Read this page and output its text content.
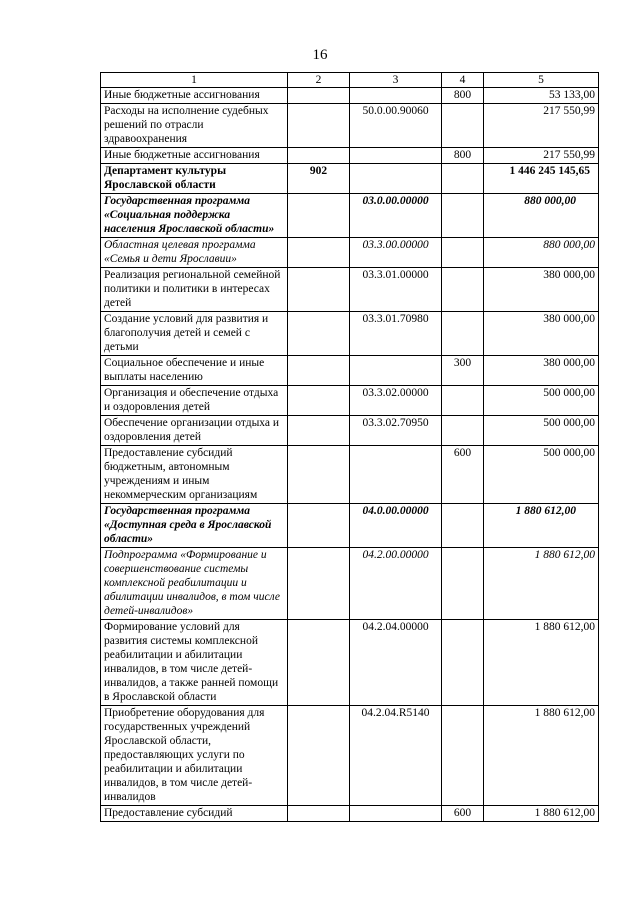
16
1	2	3	4	5
Иные бюджетные ассигнования			800	53 133,00
Расходы на исполнение судебных решений по отрасли здравоохранения		50.0.00.90060		217 550,99
Иные бюджетные ассигнования			800	217 550,99
Департамент культуры Ярославской области	902			1 446 245 145,65
Государственная программа «Социальная поддержка населения Ярославской области»		03.0.00.00000		880 000,00
Областная целевая программа «Семья и дети Ярославии»		03.3.00.00000		880 000,00
Реализация региональной семейной политики и политики в интересах детей		03.3.01.00000		380 000,00
Создание условий для развития и благополучия детей и семей с детьми		03.3.01.70980		380 000,00
Социальное обеспечение и иные выплаты населению			300	380 000,00
Организация и обеспечение отдыха и оздоровления детей		03.3.02.00000		500 000,00
Обеспечение организации отдыха и оздоровления детей		03.3.02.70950		500 000,00
Предоставление субсидий бюджетным, автономным учреждениям и иным некоммерческим организациям			600	500 000,00
Государственная программа «Доступная среда в Ярославской области»		04.0.00.00000		1 880 612,00
Подпрограмма «Формирование и совершенствование системы комплексной реабилитации и абилитации инвалидов, в том числе детей-инвалидов»		04.2.00.00000		1 880 612,00
Формирование условий для развития системы комплексной реабилитации и абилитации инвалидов, в том числе детей-инвалидов, а также ранней помощи в Ярославской области		04.2.04.00000		1 880 612,00
Приобретение оборудования для государственных учреждений Ярославской области, предоставляющих услуги по реабилитации и абилитации инвалидов, в том числе детей-инвалидов		04.2.04.R5140		1 880 612,00
Предоставление субсидий			600	1 880 612,00
